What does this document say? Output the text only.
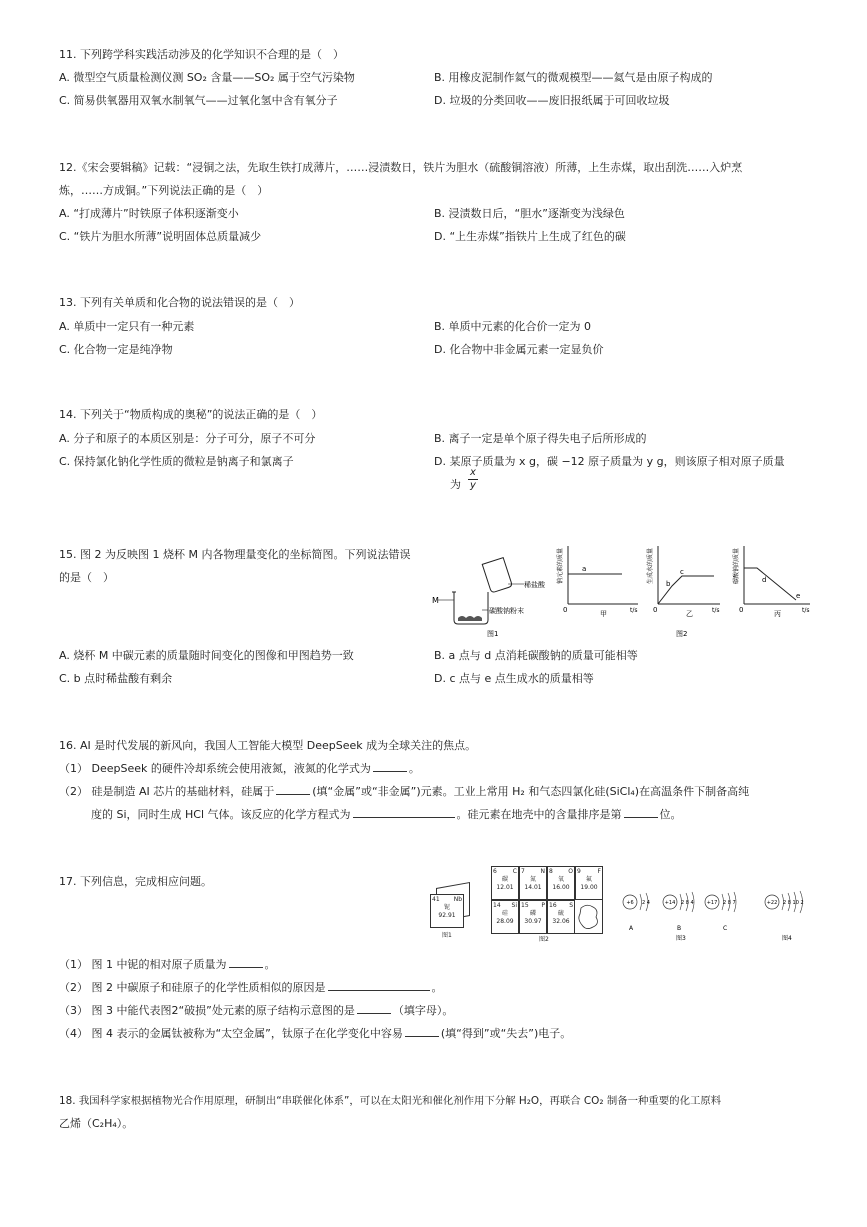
11. 下列跨学科实践活动涉及的化学知识不合理的是（　）
A. 微型空气质量检测仪测 SO₂ 含量——SO₂ 属于空气污染物	B. 用橡皮泥制作氦气的微观模型——氦气是由原子构成的
C. 简易供氧器用双氧水制氧气——过氧化氢中含有氧分子	D. 垃圾的分类回收——废旧报纸属于可回收垃圾
12.《宋会要辑稿》记载：“浸铜之法，先取生铁打成薄片，……浸渍数日，铁片为胆水（硫酸铜溶液）所薄，上生赤煤，取出刮洗……入炉烹
炼，……方成铜。”下列说法正确的是（　）
A. “打成薄片”时铁原子体积逐渐变小	B. 浸渍数日后，“胆水”逐渐变为浅绿色
C. “铁片为胆水所薄”说明固体总质量减少	D. “上生赤煤”指铁片上生成了红色的碳
13. 下列有关单质和化合物的说法错误的是（　）
A. 单质中一定只有一种元素	B. 单质中元素的化合价一定为 0
C. 化合物一定是纯净物	D. 化合物中非金属元素一定显负价
14. 下列关于“物质构成的奥秘”的说法正确的是（　）
A. 分子和原子的本质区别是：分子可分，原子不可分	B. 离子一定是单个原子得失电子后所形成的
C. 保持氯化钠化学性质的微粒是钠离子和氯离子	D. 某原子质量为 x g，碳 −12 原子质量为 y g，则该原子相对原子质量
为 $\frac{x}{y}$
15. 图 2 为反映图 1 烧杯 M 内各物理量变化的坐标简图。下列说法错误
的是（　）
M
稀盐酸
碳酸钠粉末
图1
a
0	t/s
甲
钠元素的质量	b
c
0	t/s
乙
生成水的质量
图2
d
e
0	t/s
丙
碳酸钠的质量
A. 烧杯 M 中碳元素的质量随时间变化的图像和甲图趋势一致	B. a 点与 d 点消耗碳酸钠的质量可能相等
C. b 点时稀盐酸有剩余	D. c 点与 e 点生成水的质量相等
16. AI 是时代发展的新风向，我国人工智能大模型 DeepSeek 成为全球关注的焦点。
（1） DeepSeek 的硬件冷却系统会使用液氮，液氮的化学式为	。
（2） 硅是制造 AI 芯片的基础材料，硅属于	(填“金属”或“非金属”)元素。工业上常用 H₂ 和气态四氯化硅(SiCl₄)在高温条件下制备高纯
度的 Si，同时生成 HCl 气体。该反应的化学方程式为	。硅元素在地壳中的含量排序是第	位。
17. 下列信息，完成相应问题。
41 Nb
铌
92.91
图1
6	C
碳
12.01
7	N
氮
14.01
8	O
氧
16.00
9	F
氟
19.00
14 Si
硅
28.09
15 P
磷
30.97
16 S
硫
32.06
图2
+6 2 4
A
+14 2 8 4
B
+17 2 8 7
C
图3
+22 2 8 10 2
图4
（1） 图 1 中铌的相对原子质量为	。
（2） 图 2 中碳原子和硅原子的化学性质相似的原因是	。
（3） 图 3 中能代表图2“破损”处元素的原子结构示意图的是	（填字母）。
（4） 图 4 表示的金属钛被称为“太空金属”，钛原子在化学变化中容易	(填“得到”或“失去”)电子。
18. 我国科学家根据植物光合作用原理，研制出“串联催化体系”，可以在太阳光和催化剂作用下分解 H₂O，再联合 CO₂ 制备一种重要的化工原料
乙烯（C₂H₄）。
